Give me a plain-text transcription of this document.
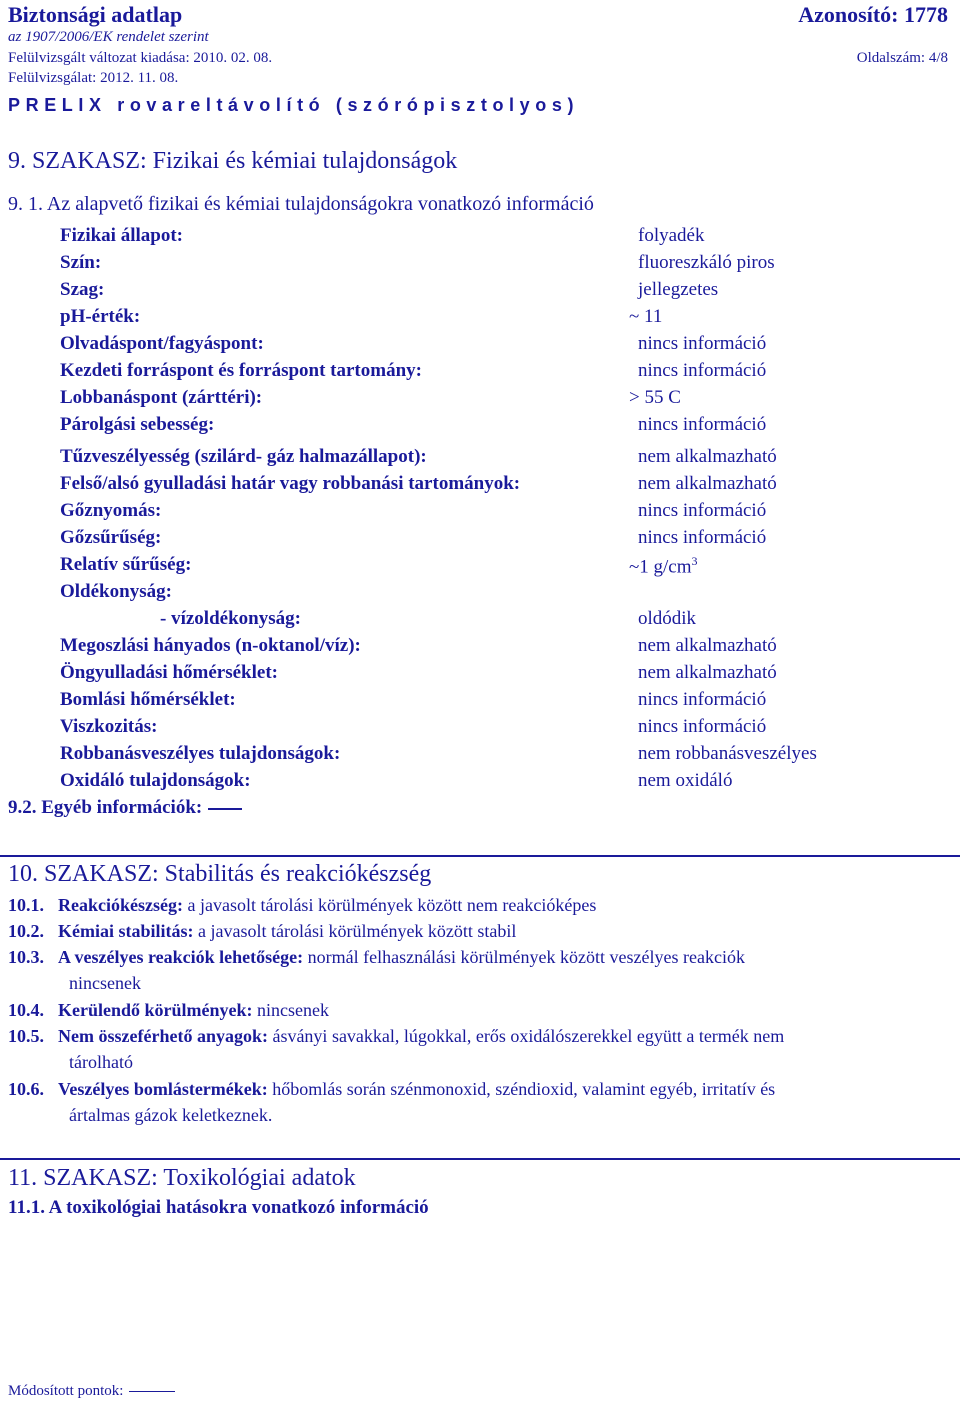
Biztonsági adatlap	Azonosító: 1778
az 1907/2006/EK rendelet szerint
Felülvizsgált változat kiadása: 2010. 02. 08.	Oldalszám: 4/8
Felülvizsgálat: 2012. 11. 08.
PRELIX rovareltávolító (szórópisztolyos)
9. SZAKASZ: Fizikai és kémiai tulajdonságok
9. 1. Az alapvető fizikai és kémiai tulajdonságokra vonatkozó információ
Fizikai állapot:	folyadék
Szín:	fluoreszkáló piros
Szag:	jellegzetes
pH-érték:	~ 11
Olvadáspont/fagyáspont:	nincs információ
Kezdeti forráspont és forráspont tartomány:	nincs információ
Lobbanáspont (zárttéri):	> 55 C
Párolgási sebesség:	nincs információ
Tűzveszélyesség (szilárd- gáz halmazállapot):	nem alkalmazható
Felső/alsó gyulladási határ vagy robbanási tartományok:	nem alkalmazható
Gőznyomás:	nincs információ
Gőzsűrűség:	nincs információ
Relatív sűrűség:	~1 $g/cm^3$
Oldékonyság:
- vízoldékonyság:	oldódik
Megoszlási hányados (n-oktanol/víz):	nem alkalmazható
Öngyulladási hőmérséklet:	nem alkalmazható
Bomlási hőmérséklet:	nincs információ
Viszkozitás:	nincs információ
Robbanásveszélyes tulajdonságok:	nem robbanásveszélyes
Oxidáló tulajdonságok:	nem oxidáló
9.2. Egyéb információk:
10. SZAKASZ: Stabilitás és reakciókészség
10.1. Reakciókészség: a javasolt tárolási körülmények között nem reakcióképes
10.2. Kémiai stabilitás: a javasolt tárolási körülmények között stabil
10.3. A veszélyes reakciók lehetősége: normál felhasználási körülmények között veszélyes reakciók
nincsenek
10.4. Kerülendő körülmények: nincsenek
10.5. Nem összeférhető anyagok: ásványi savakkal, lúgokkal, erős oxidálószerekkel együtt a termék nem
tárolható
10.6. Veszélyes bomlástermékek: hőbomlás során szénmonoxid, széndioxid, valamint egyéb, irritatív és
ártalmas gázok keletkeznek.
11. SZAKASZ: Toxikológiai adatok
11.1. A toxikológiai hatásokra vonatkozó információ
Módosított pontok:
